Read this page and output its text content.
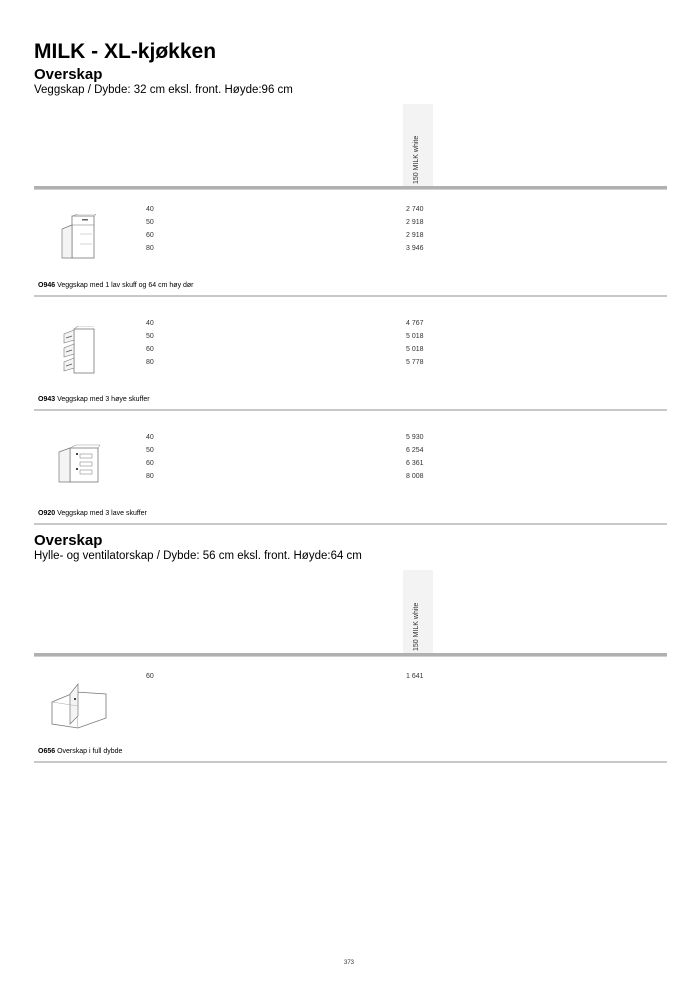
MILK - XL-kjøkken
Overskap
Veggskap / Dybde: 32 cm eksl. front. Høyde:96 cm
150 MILK white
40	2 740
50	2 918
60	2 918
80	3 946
O946 Veggskap med 1 lav skuff og 64 cm høy dør
40	4 767
50	5 018
60	5 018
80	5 778
O943 Veggskap med 3 høye skuffer
40	5 930
50	6 254
60	6 361
80	8 008
O920 Veggskap med 3 lave skuffer
Overskap
Hylle- og ventilatorskap / Dybde: 56 cm eksl. front. Høyde:64 cm
150 MILK white
60	1 641
O656 Overskap i full dybde
373
